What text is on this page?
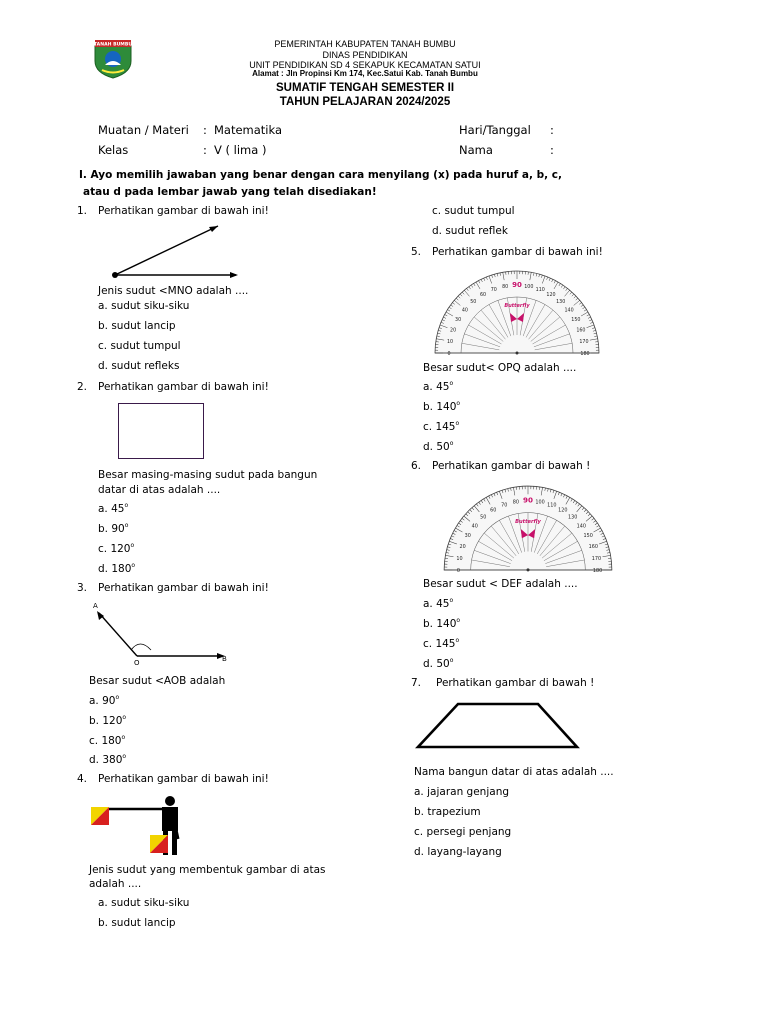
TANAH BUMBU	PEMERINTAH KABUPATEN TANAH BUMBU
DINAS PENDIDIKAN
UNIT PENDIDIKAN SD 4 SEKAPUK KECAMATAN SATUI
Alamat : Jln Propinsi Km 174, Kec.Satui Kab. Tanah Bumbu
SUMATIF TENGAH SEMESTER II
TAHUN PELAJARAN 2024/2025
Muatan / Materi : Matematika
Kelas	: V ( lima )
Hari/Tanggal :
Nama	:
I. Ayo memilih jawaban yang benar dengan cara menyilang (x) pada huruf a, b, c,
atau d pada lembar jawab yang telah disediakan!
1. Perhatikan gambar di bawah ini!
Jenis sudut <MNO adalah ....
a. sudut siku-siku
b. sudut lancip
c. sudut tumpul
d. sudut refleks
2. Perhatikan gambar di bawah ini!
Besar masing-masing sudut pada bangun
datar di atas adalah ....
a. 45$^o$
b. 90$^o$
c. 120$^o$
d. 180$^o$
3. Perhatikan gambar di bawah ini!
A
O	B
Besar sudut <AOB adalah
a. 90$^o$
b. 120$^o$
c. 180$^o$
d. 380$^o$
4. Perhatikan gambar di bawah ini!
Jenis sudut yang membentuk gambar di atas
adalah ....
a. sudut siku-siku
b. sudut lancip
c. sudut tumpul
d. sudut reflek
5. Perhatikan gambar di bawah ini!
0
10
20
30
40
50
60
70
80 90 100
110
120
130
140
150
160
170
180
Butterfly
Besar sudut< OPQ adalah ....
a. 45$^o$
b. 140$^o$
c. 145$^o$
d. 50$^o$
6. Perhatikan gambar di bawah !
0
10
20
30
40
50
60
70
80 90 100
110
120
130
140
150
160
170
180
Butterfly
Besar sudut < DEF adalah ....
a. 45$^o$
b. 140$^o$
c. 145$^o$
d. 50$^o$
7. Perhatikan gambar di bawah !
Nama bangun datar di atas adalah ....
a. jajaran genjang
b. trapezium
c. persegi penjang
d. layang-layang
